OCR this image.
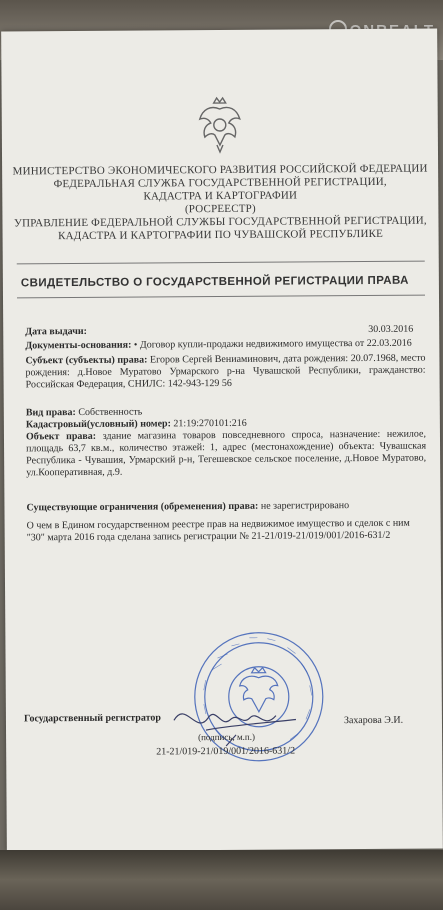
МИНИСТЕРСТВО ЭКОНОМИЧЕСКОГО РАЗВИТИЯ РОССИЙСКОЙ ФЕДЕРАЦИИ
ФЕДЕРАЛЬНАЯ СЛУЖБА ГОСУДАРСТВЕННОЙ РЕГИСТРАЦИИ,
КАДАСТРА И КАРТОГРАФИИ
(РОСРЕЕСТР)
УПРАВЛЕНИЕ ФЕДЕРАЛЬНОЙ СЛУЖБЫ ГОСУДАРСТВЕННОЙ РЕГИСТРАЦИИ,
КАДАСТРА И КАРТОГРАФИИ ПО ЧУВАШСКОЙ РЕСПУБЛИКЕ
СВИДЕТЕЛЬСТВО О ГОСУДАРСТВЕННОЙ РЕГИСТРАЦИИ ПРАВА
Дата выдачи:	30.03.2016
Документы-основания: • Договор купли-продажи недвижимого имущества от 22.03.2016
Субъект (субъекты) права: Егоров Сергей Вениаминович, дата рождения: 20.07.1968, место рождения: д.Новое Муратово Урмарского р-на Чувашской Республики, гражданство: Российская Федерация, СНИЛС: 142-943-129 56
Вид права: Собственность
Кадастровый(условный) номер: 21:19:270101:216
Объект права: здание магазина товаров повседневного спроса, назначение: нежилое, площадь 63,7 кв.м., количество этажей: 1, адрес (местонахождение) объекта: Чувашская Республика - Чувашия, Урмарский р-н, Тегешевское сельское поселение, д.Новое Муратово, ул.Кооперативная, д.9.
Существующие ограничения (обременения) права: не зарегистрировано
О чем в Едином государственном реестре прав на недвижимое имущество и сделок с ним "30" марта 2016 года сделана запись регистрации № 21-21/019-21/019/001/2016-631/2
Государственный регистратор	Захарова Э.И.
(подпись, м.п.)
21-21/019-21/019/001/2016-631/2
